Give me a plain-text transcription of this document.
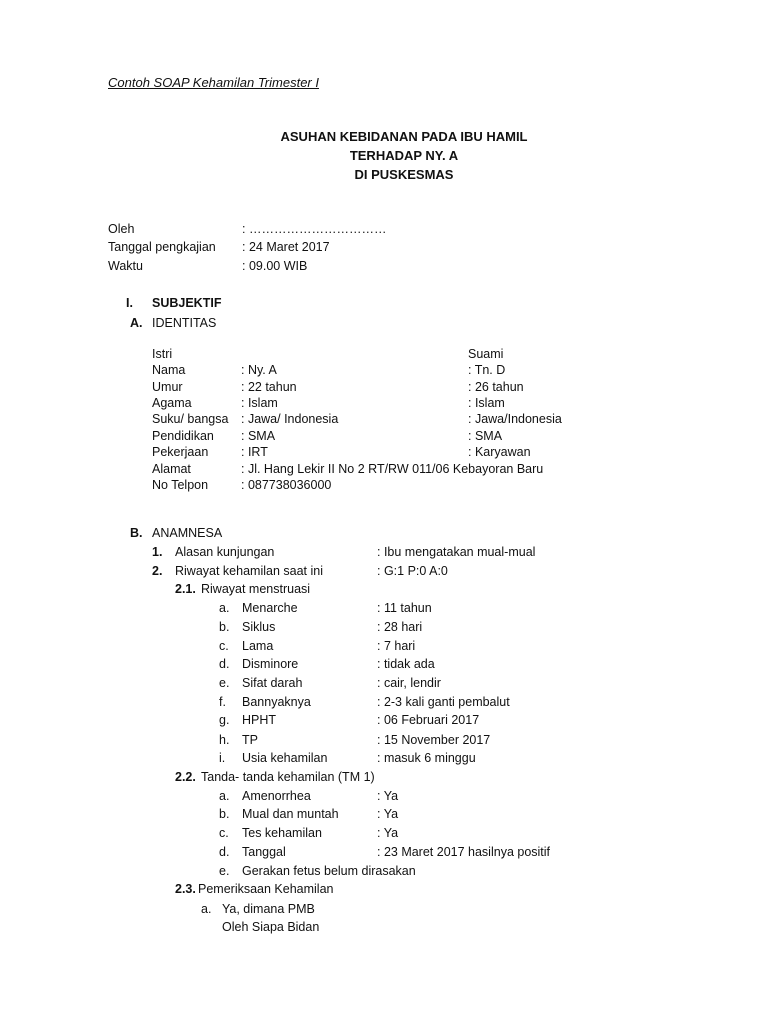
Contoh SOAP Kehamilan Trimester I
ASUHAN KEBIDANAN PADA IBU HAMIL
TERHADAP NY. A
DI PUSKESMAS
Oleh	: ……………………………
Tanggal pengkajian : 24 Maret 2017
Waktu	: 09.00 WIB
I. SUBJEKTIF
A. IDENTITAS
Istri	Suami
Nama	: Ny. A	: Tn. D
Umur	: 22 tahun	: 26 tahun
Agama	: Islam	: Islam
Suku/ bangsa : Jawa/ Indonesia	: Jawa/Indonesia
Pendidikan : SMA	: SMA
Pekerjaan	: IRT	: Karyawan
Alamat	: Jl. Hang Lekir II No 2 RT/RW 011/06 Kebayoran Baru
No Telpon	: 087738036000
B. ANAMNESA
1. Alasan kunjungan	: Ibu mengatakan mual-mual
2. Riwayat kehamilan saat ini	: G:1 P:0 A:0
2.1. Riwayat menstruasi
a. Menarche	: 11 tahun
b. Siklus	: 28 hari
c. Lama	: 7 hari
d. Disminore	: tidak ada
e. Sifat darah	: cair, lendir
f. Bannyaknya	: 2-3 kali ganti pembalut
g. HPHT	: 06 Februari 2017
h. TP	: 15 November 2017
i. Usia kehamilan	: masuk 6 minggu
2.2. Tanda- tanda kehamilan (TM 1)
a. Amenorrhea	: Ya
b. Mual dan muntah	: Ya
c. Tes kehamilan	: Ya
d. Tanggal	: 23 Maret 2017 hasilnya positif
e. Gerakan fetus belum dirasakan
2.3. Pemeriksaan Kehamilan
a. Ya, dimana PMB
Oleh Siapa Bidan
